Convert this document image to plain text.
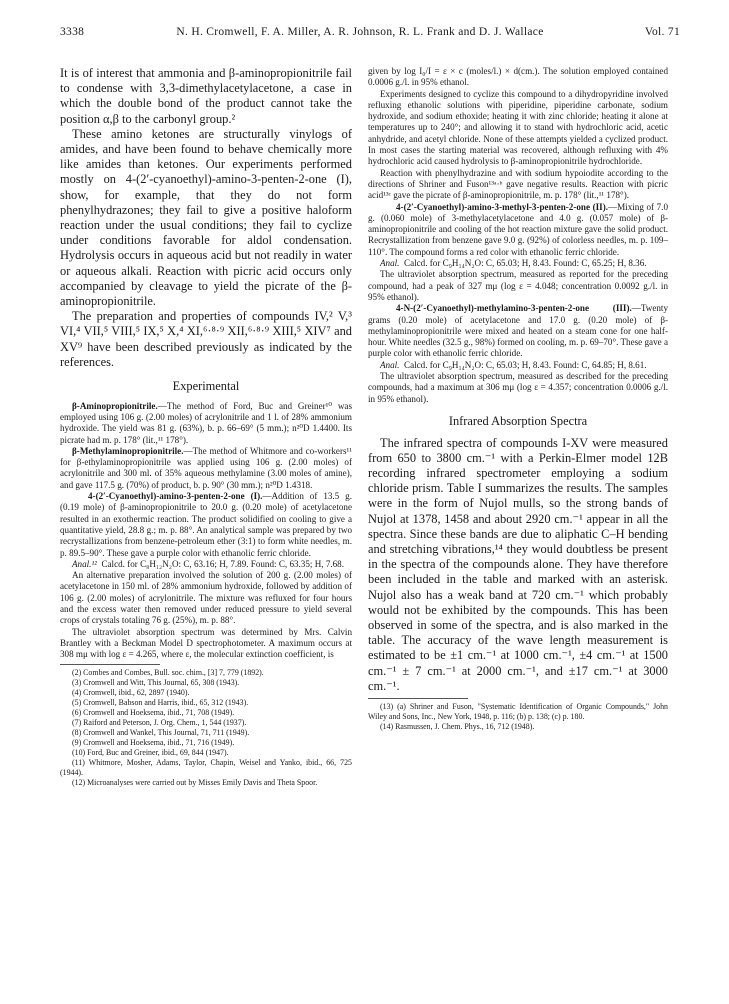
3338	N. H. Cromwell, F. A. Miller, A. R. Johnson, R. L. Frank and D. J. Wallace	Vol. 71

It is of interest that ammonia and β-aminopropionitrile fail to condense with 3,3-dimethylacetylacetone, a case in which the double bond of the product cannot take the position α,β to the carbonyl group.²

These amino ketones are structurally vinylogs of amides, and have been found to behave chemically more like amides than ketones. Our experiments performed mostly on 4-(2′-cyanoethyl)-amino-3-penten-2-one (I), show, for example, that they do not form phenylhydrazones; they fail to give a positive haloform reaction under the usual conditions; they fail to cyclize under conditions favorable for aldol condensation. Hydrolysis occurs in aqueous acid but not readily in water or aqueous alkali. Reaction with picric acid occurs only accompanied by cleavage to yield the picrate of the β-aminopropionitrile.

The preparation and properties of compounds IV,² V,³ VI,⁴ VII,⁵ VIII,⁵ IX,⁵ X,⁴ XI,⁶·⁸·⁹ XII,⁶·⁸·⁹ XIII,⁵ XIV⁷ and XV⁹ have been described previously as indicated by the references.

Experimental

β-Aminopropionitrile.—The method of Ford, Buc and Greiner¹⁰ was employed using 106 g. (2.00 moles) of acrylonitrile and 1 l. of 28% ammonium hydroxide. The yield was 81 g. (63%), b. p. 66–69° (5 mm.); n²⁰D 1.4400. Its picrate had m. p. 178° (lit.,¹¹ 178°).

β-Methylaminopropionitrile.—The method of Whitmore and co-workers¹¹ for β-ethylaminopropionitrile was applied using 106 g. (2.00 moles) of acrylonitrile and 300 ml. of 35% aqueous methylamine (3.00 moles of amine), and gave 117.5 g. (70%) of product, b. p. 90° (30 mm.); n²⁰D 1.4318.

4-(2′-Cyanoethyl)-amino-3-penten-2-one (I).—Addition of 13.5 g. (0.19 mole) of β-aminopropionitrile to 20.0 g. (0.20 mole) of acetylacetone resulted in an exothermic reaction. The product solidified on cooling to give a quantitative yield, 28.8 g.; m. p. 88°. An analytical sample was prepared by two recrystallizations from benzene-petroleum ether (3:1) to form white needles, m. p. 89.5–90°. These gave a purple color with ethanolic ferric chloride.

Anal.¹² Calcd. for C₈H₁₂N₂O: C, 63.16; H, 7.89. Found: C, 63.35; H, 7.68.

An alternative preparation involved the solution of 200 g. (2.00 moles) of acetylacetone in 150 ml. of 28% ammonium hydroxide, followed by addition of 106 g. (2.00 moles) of acrylonitrile. The mixture was refluxed for four hours and the excess water then removed under reduced pressure to yield several crops of crystals totaling 76 g. (25%), m. p. 88°.

The ultraviolet absorption spectrum was determined by Mrs. Calvin Brantley with a Beckman Model D spectrophotometer. A maximum occurs at 308 mμ with log ε = 4.265, where ε, the molecular extinction coefficient, is

(2) Combes and Combes, Bull. soc. chim., [3] 7, 779 (1892).
(3) Cromwell and Witt, This Journal, 65, 308 (1943).
(4) Cromwell, ibid., 62, 2897 (1940).
(5) Cromwell, Babson and Harris, ibid., 65, 312 (1943).
(6) Cromwell and Hoeksema, ibid., 71, 708 (1949).
(7) Raiford and Peterson, J. Org. Chem., 1, 544 (1937).
(8) Cromwell and Wankel, This Journal, 71, 711 (1949).
(9) Cromwell and Hoeksema, ibid., 71, 716 (1949).
(10) Ford, Buc and Greiner, ibid., 69, 844 (1947).
(11) Whitmore, Mosher, Adams, Taylor, Chapin, Weisel and Yanko, ibid., 66, 725 (1944).
(12) Microanalyses were carried out by Misses Emily Davis and Theta Spoor.

given by log I₀/I = ε × c (moles/l.) × d(cm.). The solution employed contained 0.0006 g./l. in 95% ethanol.

Experiments designed to cyclize this compound to a dihydropyridine involved refluxing ethanolic solutions with piperidine, piperidine carbonate, sodium hydroxide, and sodium ethoxide; heating it with zinc chloride; heating it alone at temperatures up to 240°; and allowing it to stand with hydrochloric acid, acetic anhydride, and acetyl chloride. None of these attempts yielded a cyclized product. In most cases the starting material was recovered, although refluxing with 4% hydrochloric acid caused hydrolysis to β-aminopropionitrile hydrochloride.

Reaction with phenylhydrazine and with sodium hypoiodite according to the directions of Shriner and Fuson¹³ᵃ·ᵇ gave negative results. Reaction with picric acid¹³ᶜ gave the picrate of β-aminopropionitrile, m. p. 178° (lit.,¹¹ 178°).

4-(2′-Cyanoethyl)-amino-3-methyl-3-penten-2-one (II).—Mixing of 7.0 g. (0.060 mole) of 3-methylacetylacetone and 4.0 g. (0.057 mole) of β-aminopropionitrile and cooling of the hot reaction mixture gave the solid product. Recrystallization from benzene gave 9.0 g. (92%) of colorless needles, m. p. 109–110°. The compound forms a red color with ethanolic ferric chloride.

Anal. Calcd. for C₉H₁₄N₂O: C, 65.03; H, 8.43. Found: C, 65.25; H, 8.36.

The ultraviolet absorption spectrum, measured as reported for the preceding compound, had a peak of 327 mμ (log ε = 4.048; concentration 0.0092 g./l. in 95% ethanol).

4-N-(2′-Cyanoethyl)-methylamino-3-penten-2-one (III).—Twenty grams (0.20 mole) of acetylacetone and 17.0 g. (0.20 mole) of β-methylaminopropionitrile were mixed and heated on a steam cone for one half-hour. White needles (32.5 g., 98%) formed on cooling, m. p. 69–70°. These gave a purple color with ethanolic ferric chloride.

Anal. Calcd. for C₉H₁₄N₂O: C, 65.03; H, 8.43. Found: C, 64.85; H, 8.61.

The ultraviolet absorption spectrum, measured as described for the preceding compounds, had a maximum at 306 mμ (log ε = 4.357; concentration 0.0006 g./l. in 95% ethanol).

Infrared Absorption Spectra

The infrared spectra of compounds I-XV were measured from 650 to 3800 cm.⁻¹ with a Perkin-Elmer model 12B recording infrared spectrometer employing a sodium chloride prism. Table I summarizes the results. The samples were in the form of Nujol mulls, so the strong bands of Nujol at 1378, 1458 and about 2920 cm.⁻¹ appear in all the spectra. Since these bands are due to aliphatic C–H bending and stretching vibrations,¹⁴ they would doubtless be present in the spectra of the compounds alone. They have therefore been included in the table and marked with an asterisk. Nujol also has a weak band at 720 cm.⁻¹ which probably would not be exhibited by the compounds. This has been observed in some of the spectra, and is also marked in the table. The accuracy of the wave length measurement is estimated to be ±1 cm.⁻¹ at 1000 cm.⁻¹, ±4 cm.⁻¹ at 1500 cm.⁻¹ ± 7 cm.⁻¹ at 2000 cm.⁻¹, and ±17 cm.⁻¹ at 3000 cm.⁻¹.

(13) (a) Shriner and Fuson, "Systematic Identification of Organic Compounds," John Wiley and Sons, Inc., New York, 1948, p. 116; (b) p. 138; (c) p. 180.
(14) Rasmussen, J. Chem. Phys., 16, 712 (1948).
